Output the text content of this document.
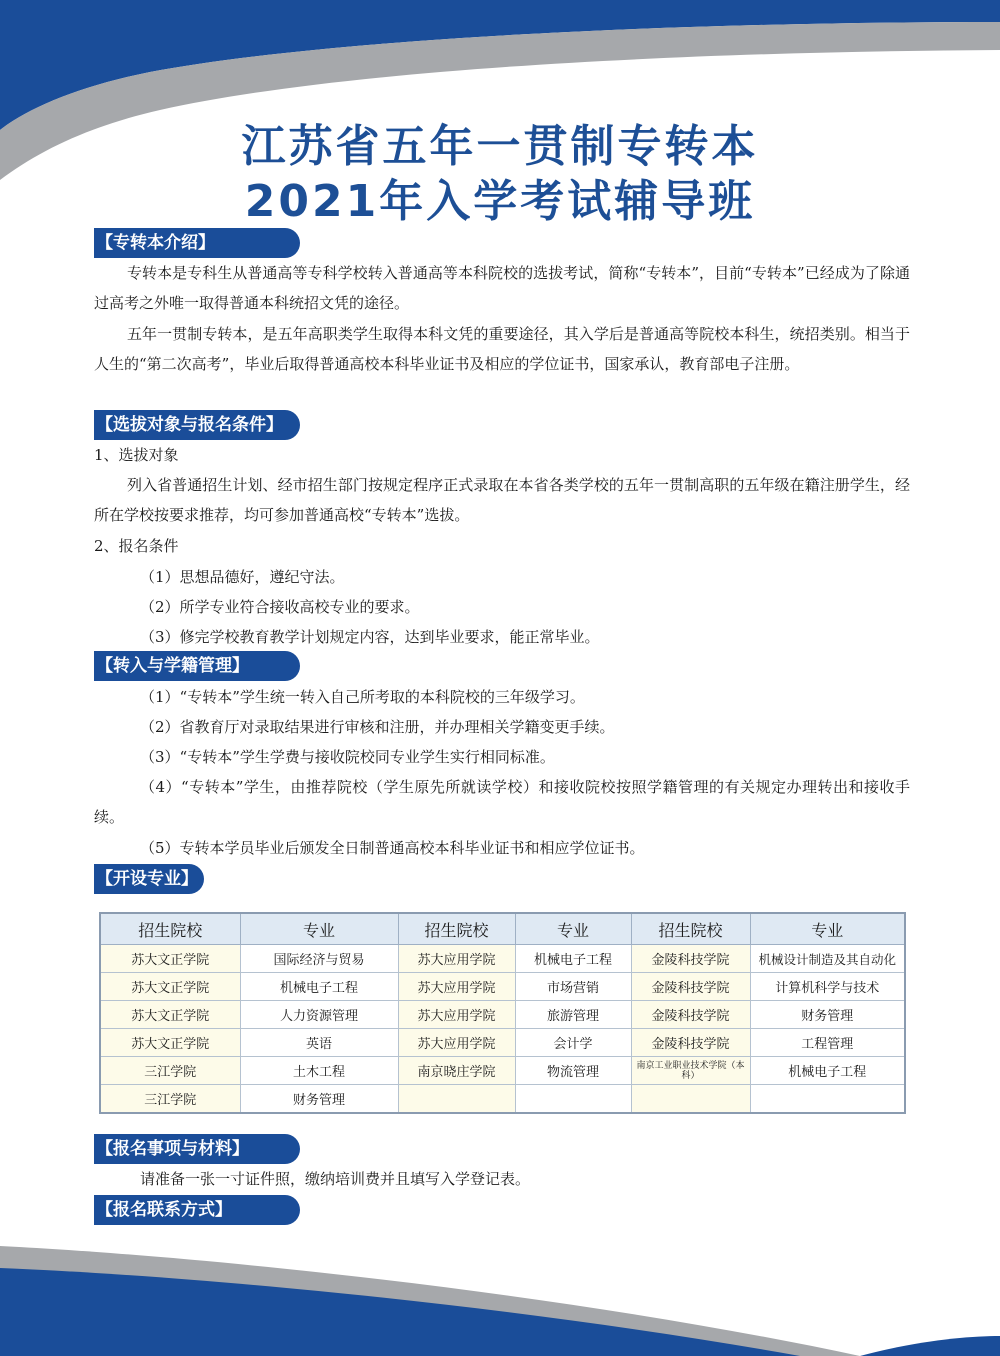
江苏省五年一贯制专转本
2021年入学考试辅导班
【专转本介绍】
专转本是专科生从普通高等专科学校转入普通高等本科院校的选拔考试，简称“专转本”，目前“专转本”已经成为了除通过高考之外唯一取得普通本科统招文凭的途径。
五年一贯制专转本，是五年高职类学生取得本科文凭的重要途径，其入学后是普通高等院校本科生，统招类别。相当于人生的“第二次高考”，毕业后取得普通高校本科毕业证书及相应的学位证书，国家承认，教育部电子注册。
【选拔对象与报名条件】
1、选拔对象
列入省普通招生计划、经市招生部门按规定程序正式录取在本省各类学校的五年一贯制高职的五年级在籍注册学生，经所在学校按要求推荐，均可参加普通高校“专转本”选拔。
2、报名条件
（1）思想品德好，遵纪守法。
（2）所学专业符合接收高校专业的要求。
（3）修完学校教育教学计划规定内容，达到毕业要求，能正常毕业。
【转入与学籍管理】
（1）“专转本”学生统一转入自己所考取的本科院校的三年级学习。
（2）省教育厅对录取结果进行审核和注册，并办理相关学籍变更手续。
（3）“专转本”学生学费与接收院校同专业学生实行相同标准。
（4）“专转本”学生，由推荐院校（学生原先所就读学校）和接收院校按照学籍管理的有关规定办理转出和接收手续。
（5）专转本学员毕业后颁发全日制普通高校本科毕业证书和相应学位证书。
【开设专业】
招生院校	专业	招生院校	专业	招生院校	专业
苏大文正学院	国际经济与贸易	苏大应用学院	机械电子工程	金陵科技学院	机械设计制造及其自动化
苏大文正学院	机械电子工程	苏大应用学院	市场营销	金陵科技学院	计算机科学与技术
苏大文正学院	人力资源管理	苏大应用学院	旅游管理	金陵科技学院	财务管理
苏大文正学院	英语	苏大应用学院	会计学	金陵科技学院	工程管理
三江学院	土木工程	南京晓庄学院	物流管理	南京工业职业技术学院（本科）	机械电子工程
三江学院	财务管理				
【报名事项与材料】
请准备一张一寸证件照，缴纳培训费并且填写入学登记表。
【报名联系方式】
